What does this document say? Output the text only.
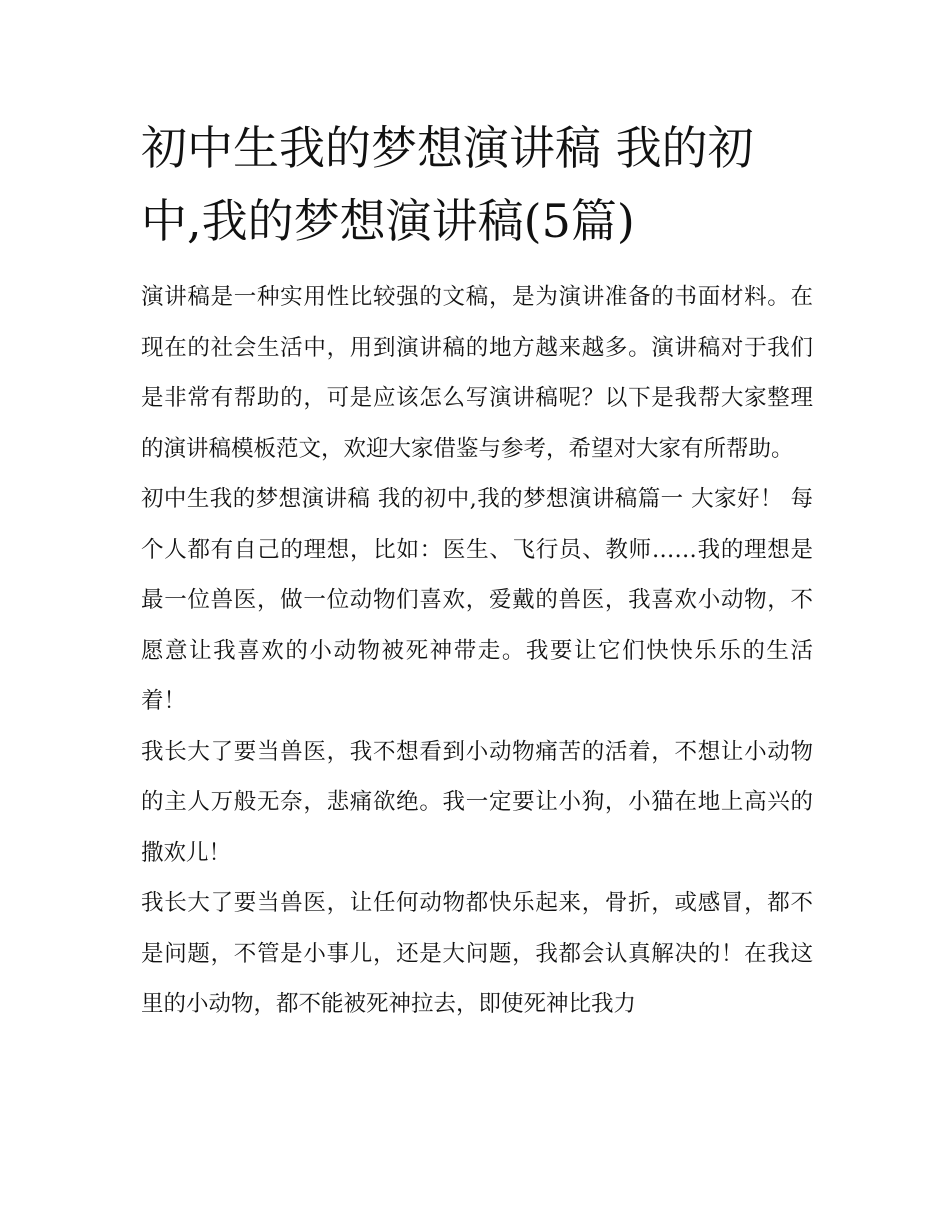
初中生我的梦想演讲稿 我的初中,我的梦想演讲稿(5篇)

演讲稿是一种实用性比较强的文稿，是为演讲准备的书面材料。在现在的社会生活中，用到演讲稿的地方越来越多。演讲稿对于我们是非常有帮助的，可是应该怎么写演讲稿呢？以下是我帮大家整理的演讲稿模板范文，欢迎大家借鉴与参考，希望对大家有所帮助。

初中生我的梦想演讲稿 我的初中,我的梦想演讲稿篇一 大家好！ 每个人都有自己的理想，比如：医生、飞行员、教师……我的理想是最一位兽医，做一位动物们喜欢，爱戴的兽医，我喜欢小动物，不愿意让我喜欢的小动物被死神带走。我要让它们快快乐乐的生活着！

我长大了要当兽医，我不想看到小动物痛苦的活着，不想让小动物的主人万般无奈，悲痛欲绝。我一定要让小狗，小猫在地上高兴的撒欢儿！

我长大了要当兽医，让任何动物都快乐起来，骨折，或感冒，都不是问题，不管是小事儿，还是大问题，我都会认真解决的！在我这里的小动物，都不能被死神拉去，即使死神比我力
